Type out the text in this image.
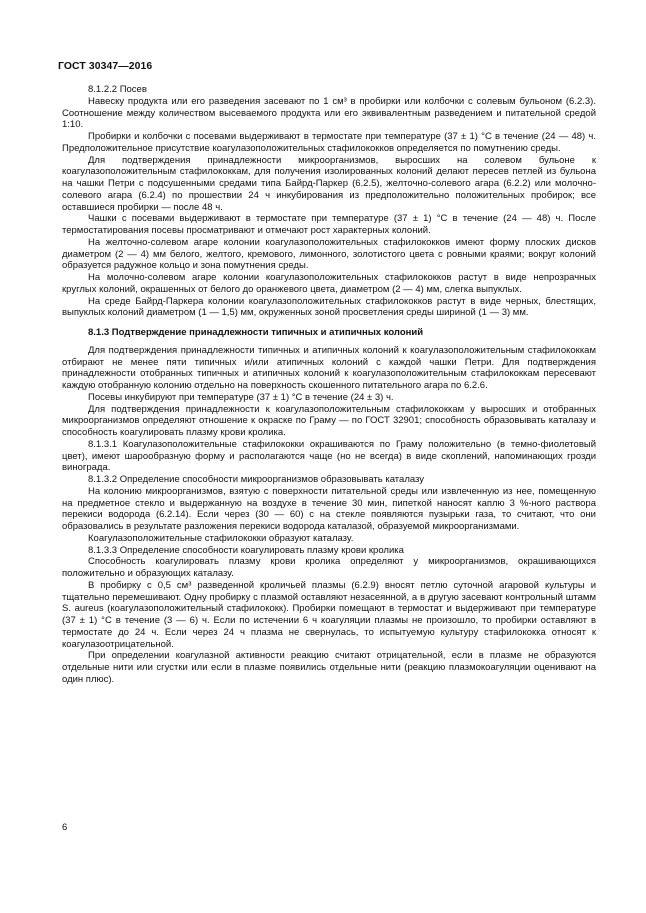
ГОСТ 30347—2016

8.1.2.2 Посев

Навеску продукта или его разведения засевают по 1 см³ в пробирки или колбочки с солевым бульоном (6.2.3). Соотношение между количеством высеваемого продукта или его эквивалентным разведением и питательной средой 1:10.

Пробирки и колбочки с посевами выдерживают в термостате при температуре (37 ± 1) °С в течение (24 — 48) ч. Предположительное присутствие коагулазоположительных стафилококков определяется по помутнению среды.

Для подтверждения принадлежности микроорганизмов, выросших на солевом бульоне к коагулазоположительным стафилококкам, для получения изолированных колоний делают пересев петлей из бульона на чашки Петри с подсушенными средами типа Байрд-Паркер (6.2.5), желточно-солевого агара (6.2.2) или молочно-солевого агара (6.2.4) по прошествии 24 ч инкубирования из предположительно положительных пробирок; все оставшиеся пробирки — после 48 ч.

Чашки с посевами выдерживают в термостате при температуре (37 ± 1) °С в течение (24 — 48) ч. После термостатирования посевы просматривают и отмечают рост характерных колоний.

На желточно-солевом агаре колонии коагулазоположительных стафилококков имеют форму плоских дисков диаметром (2 — 4) мм белого, желтого, кремового, лимонного, золотистого цвета с ровными краями; вокруг колоний образуется радужное кольцо и зона помутнения среды.

На молочно-солевом агаре колонии коагулазоположительных стафилококков растут в виде непрозрачных круглых колоний, окрашенных от белого до оранжевого цвета, диаметром (2 — 4) мм, слегка выпуклых.

На среде Байрд-Паркера колонии коагулазоположительных стафилококков растут в виде черных, блестящих, выпуклых колоний диаметром (1 — 1,5) мм, окруженных зоной просветления среды шириной (1 — 3) мм.

8.1.3 Подтверждение принадлежности типичных и атипичных колоний

Для подтверждения принадлежности типичных и атипичных колоний к коагулазоположительным стафилококкам отбирают не менее пяти типичных и/или атипичных колоний с каждой чашки Петри. Для подтверждения принадлежности отобранных типичных и атипичных колоний к коагулазоположительным стафилококкам пересевают каждую отобранную колонию отдельно на поверхность скошенного питательного агара по 6.2.6.

Посевы инкубируют при температуре (37 ± 1) °С в течение (24 ± 3) ч.

Для подтверждения принадлежности к коагулазоположительным стафилококкам у выросших и отобранных микроорганизмов определяют отношение к окраске по Граму — по ГОСТ 32901; способность образовывать каталазу и способность коагулировать плазму крови кролика.

8.1.3.1 Коагулазоположительные стафилококки окрашиваются по Граму положительно (в темно-фиолетовый цвет), имеют шарообразную форму и располагаются чаще (но не всегда) в виде скоплений, напоминающих грозди винограда.

8.1.3.2 Определение способности микроорганизмов образовывать каталазу

На колонию микроорганизмов, взятую с поверхности питательной среды или извлеченную из нее, помещенную на предметное стекло и выдержанную на воздухе в течение 30 мин, пипеткой наносят каплю 3 %-ного раствора перекиси водорода (6.2.14). Если через (30 — 60) с на стекле появляются пузырьки газа, то считают, что они образовались в результате разложения перекиси водорода каталазой, образуемой микроорганизмами.

Коагулазоположительные стафилококки образуют каталазу.

8.1.3.3 Определение способности коагулировать плазму крови кролика

Способность коагулировать плазму крови кролика определяют у микроорганизмов, окрашивающихся положительно и образующих каталазу.

В пробирку с 0,5 см³ разведенной кроличьей плазмы (6.2.9) вносят петлю суточной агаровой культуры и тщательно перемешивают. Одну пробирку с плазмой оставляют незасеянной, а в другую засевают контрольный штамм S. aureus (коагулазоположительный стафилококк). Пробирки помещают в термостат и выдерживают при температуре (37 ± 1) °С в течение (3 — 6) ч. Если по истечении 6 ч коагуляции плазмы не произошло, то пробирки оставляют в термостате до 24 ч. Если через 24 ч плазма не свернулась, то испытуемую культуру стафилококка относят к коагулазоотрицательной.

При определении коагулазной активности реакцию считают отрицательной, если в плазме не образуются отдельные нити или сгустки или если в плазме появились отдельные нити (реакцию плазмокоагуляции оценивают на один плюс).

6
